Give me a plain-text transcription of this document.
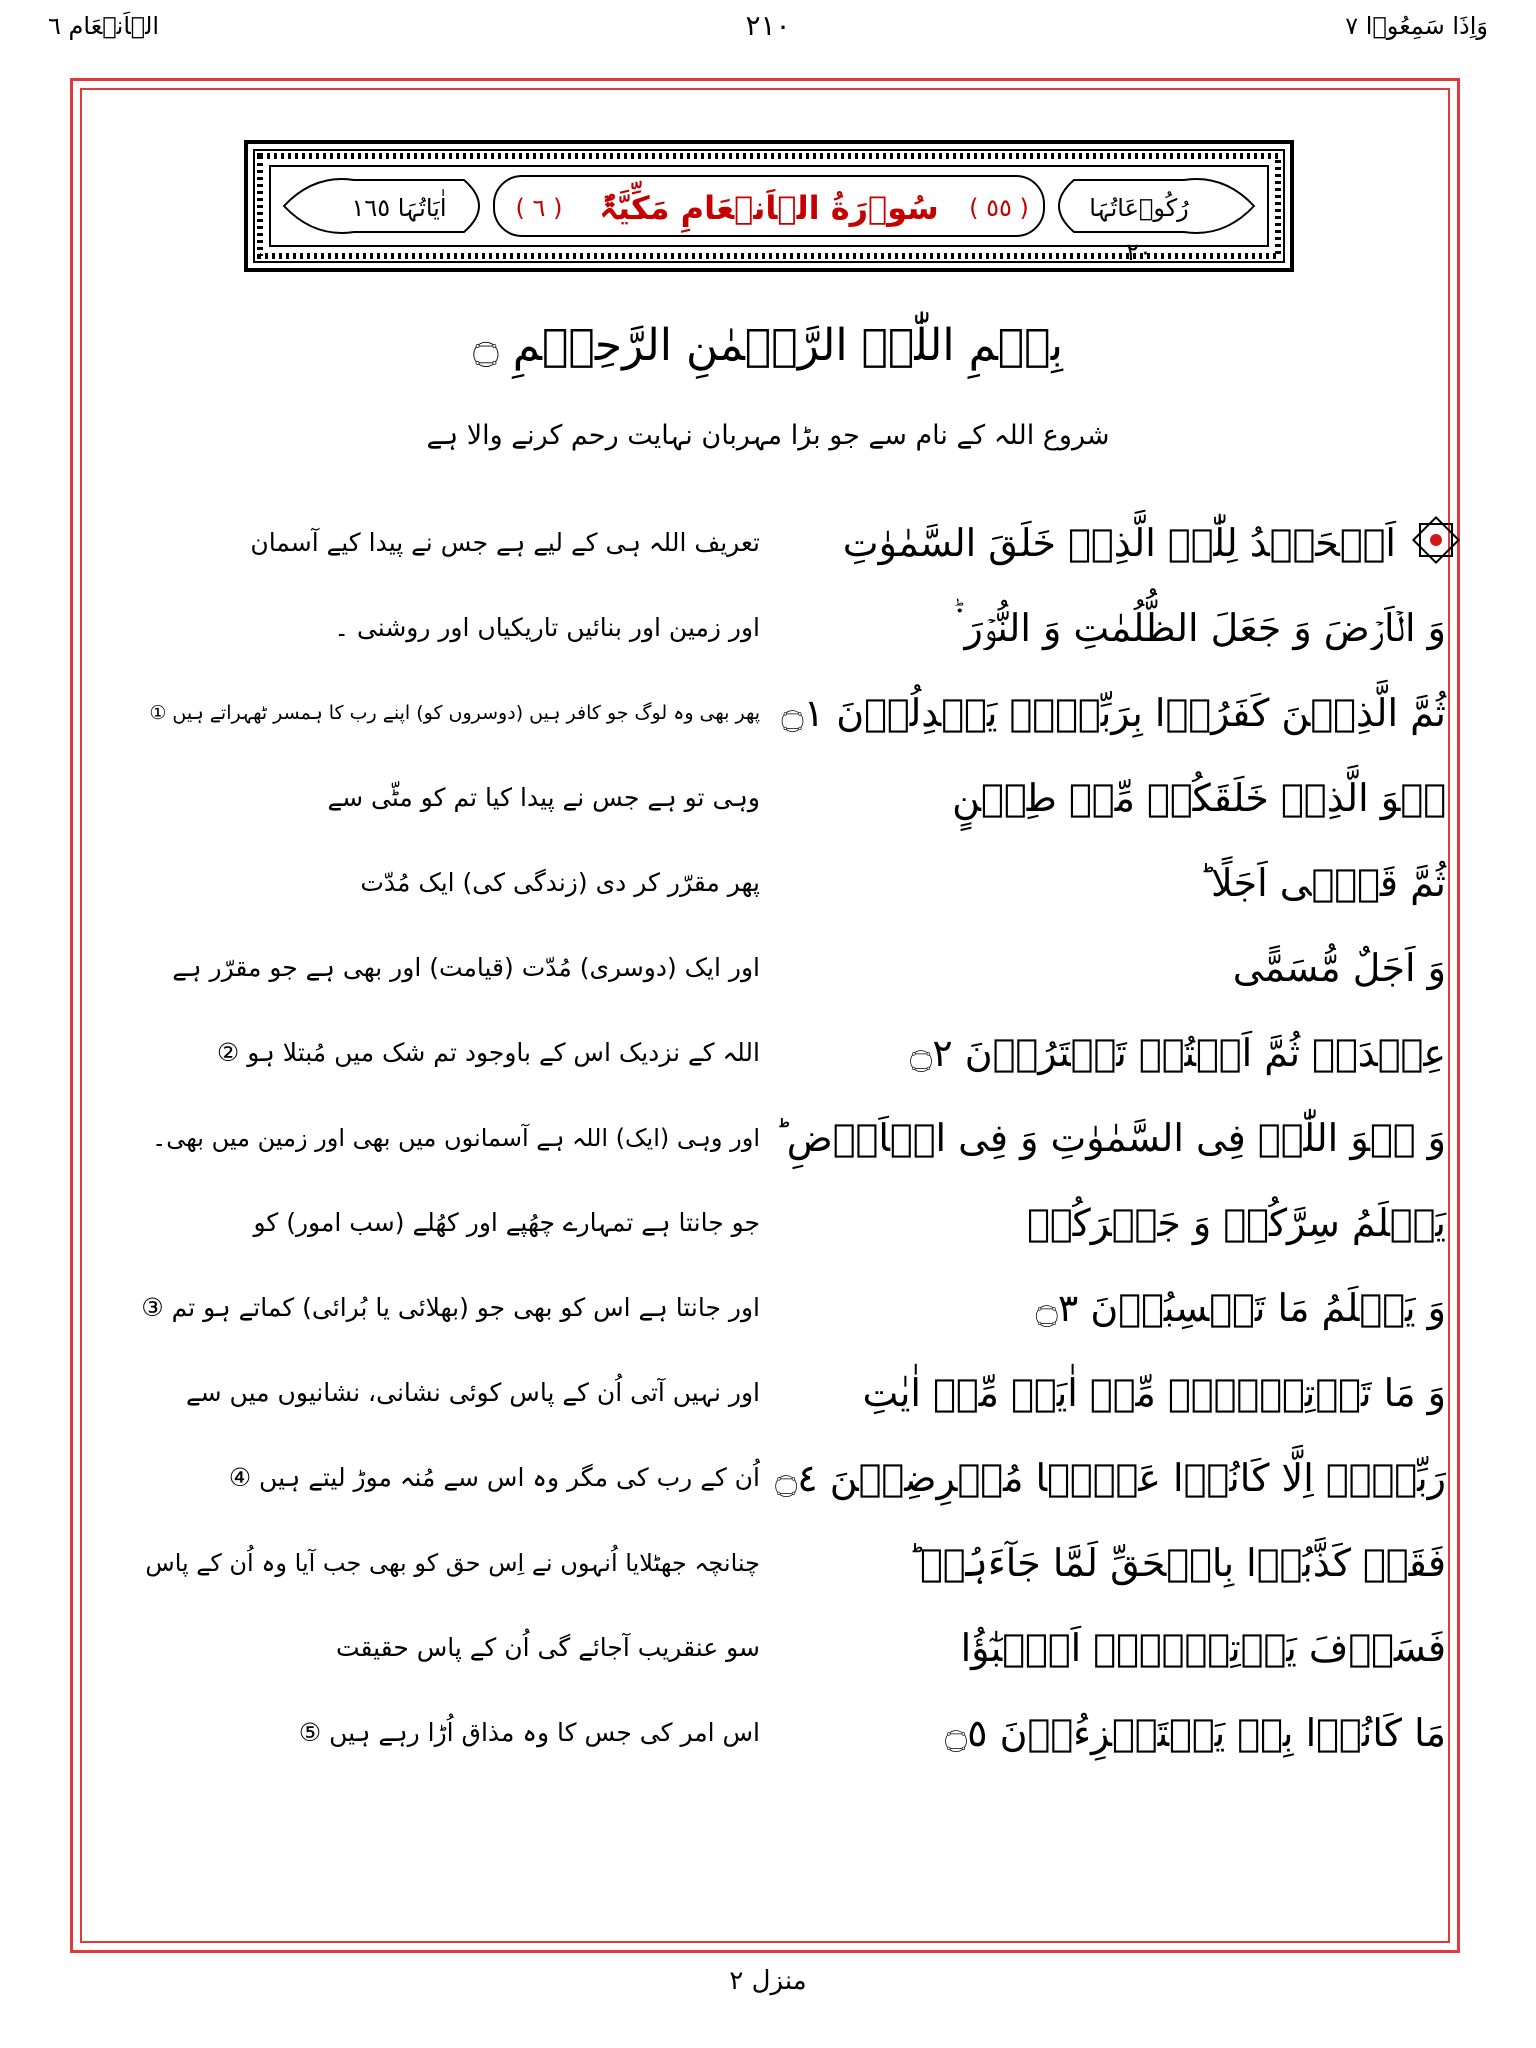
الۡاَنۡعَام ٦	٢١٠	وَاِذَا سَمِعُوۡا ٧
اٰیَاتُہَا ١٦٥	( ٦ )	سُوۡرَةُ الۡاَنۡعَامِ مَکِّیَّۃٌ	( ٥٥ )	رُکُوۡعَاتُہَا ٢٠
بِسۡمِ اللّٰہِ الرَّحۡمٰنِ الرَّحِیۡمِ ۝
شروع اللہ کے نام سے جو بڑا مہربان نہایت رحم کرنے والا ہے
اَلۡحَمۡدُ لِلّٰہِ الَّذِیۡ خَلَقَ السَّمٰوٰتِ
تعریف اللہ ہی کے لیے ہے جس نے پیدا کیے آسمان
وَ الۡاَرۡضَ وَ جَعَلَ الظُّلُمٰتِ وَ النُّوۡرَ ۬ؕ
اور زمین اور بنائیں تاریکیاں اور روشنی ۔
ثُمَّ الَّذِیۡنَ کَفَرُوۡا بِرَبِّہِمۡ یَعۡدِلُوۡنَ ۝١
پھر بھی وہ لوگ جو کافر ہیں (دوسروں کو) اپنے رب کا ہمسر ٹھہراتے ہیں ①
ہُوَ الَّذِیۡ خَلَقَکُمۡ مِّنۡ طِیۡنٍ
وہی تو ہے جس نے پیدا کیا تم کو مٹّی سے
ثُمَّ قَضٰۤی اَجَلًا ؕ
پھر مقرّر کر دی (زندگی کی) ایک مُدّت
وَ اَجَلٌ مُّسَمًّی
اور ایک (دوسری) مُدّت (قیامت) اور بھی ہے جو مقرّر ہے
عِنۡدَہٗ ثُمَّ اَنۡتُمۡ تَمۡتَرُوۡنَ ۝٢
اللہ کے نزدیک اس کے باوجود تم شک میں مُبتلا ہو ②
وَ ہُوَ اللّٰہُ فِی السَّمٰوٰتِ وَ فِی الۡاَرۡضِ ؕ
اور وہی (ایک) اللہ ہے آسمانوں میں بھی اور زمین میں بھی۔
یَعۡلَمُ سِرَّکُمۡ وَ جَہۡرَکُمۡ
جو جانتا ہے تمہارے چھُپے اور کھُلے (سب امور) کو
وَ یَعۡلَمُ مَا تَکۡسِبُوۡنَ ۝٣
اور جانتا ہے اس کو بھی جو (بھلائی یا بُرائی) کماتے ہو تم ③
وَ مَا تَاۡتِیۡہِمۡ مِّنۡ اٰیَۃٍ مِّنۡ اٰیٰتِ
اور نہیں آتی اُن کے پاس کوئی نشانی، نشانیوں میں سے
رَبِّہِمۡ اِلَّا کَانُوۡا عَنۡہَا مُعۡرِضِیۡنَ ۝٤
اُن کے رب کی مگر وہ اس سے مُنہ موڑ لیتے ہیں ④
فَقَدۡ کَذَّبُوۡا بِالۡحَقِّ لَمَّا جَآءَہُمۡ ؕ
چنانچہ جھٹلایا اُنہوں نے اِس حق کو بھی جب آیا وہ اُن کے پاس
فَسَوۡفَ یَاۡتِیۡہِمۡ اَنۡۢبٰٓؤُا
سو عنقریب آجائے گی اُن کے پاس حقیقت
مَا کَانُوۡا بِہٖ یَسۡتَہۡزِءُوۡنَ ۝٥
اس امر کی جس کا وہ مذاق اُڑا رہے ہیں ⑤
منزل ٢
